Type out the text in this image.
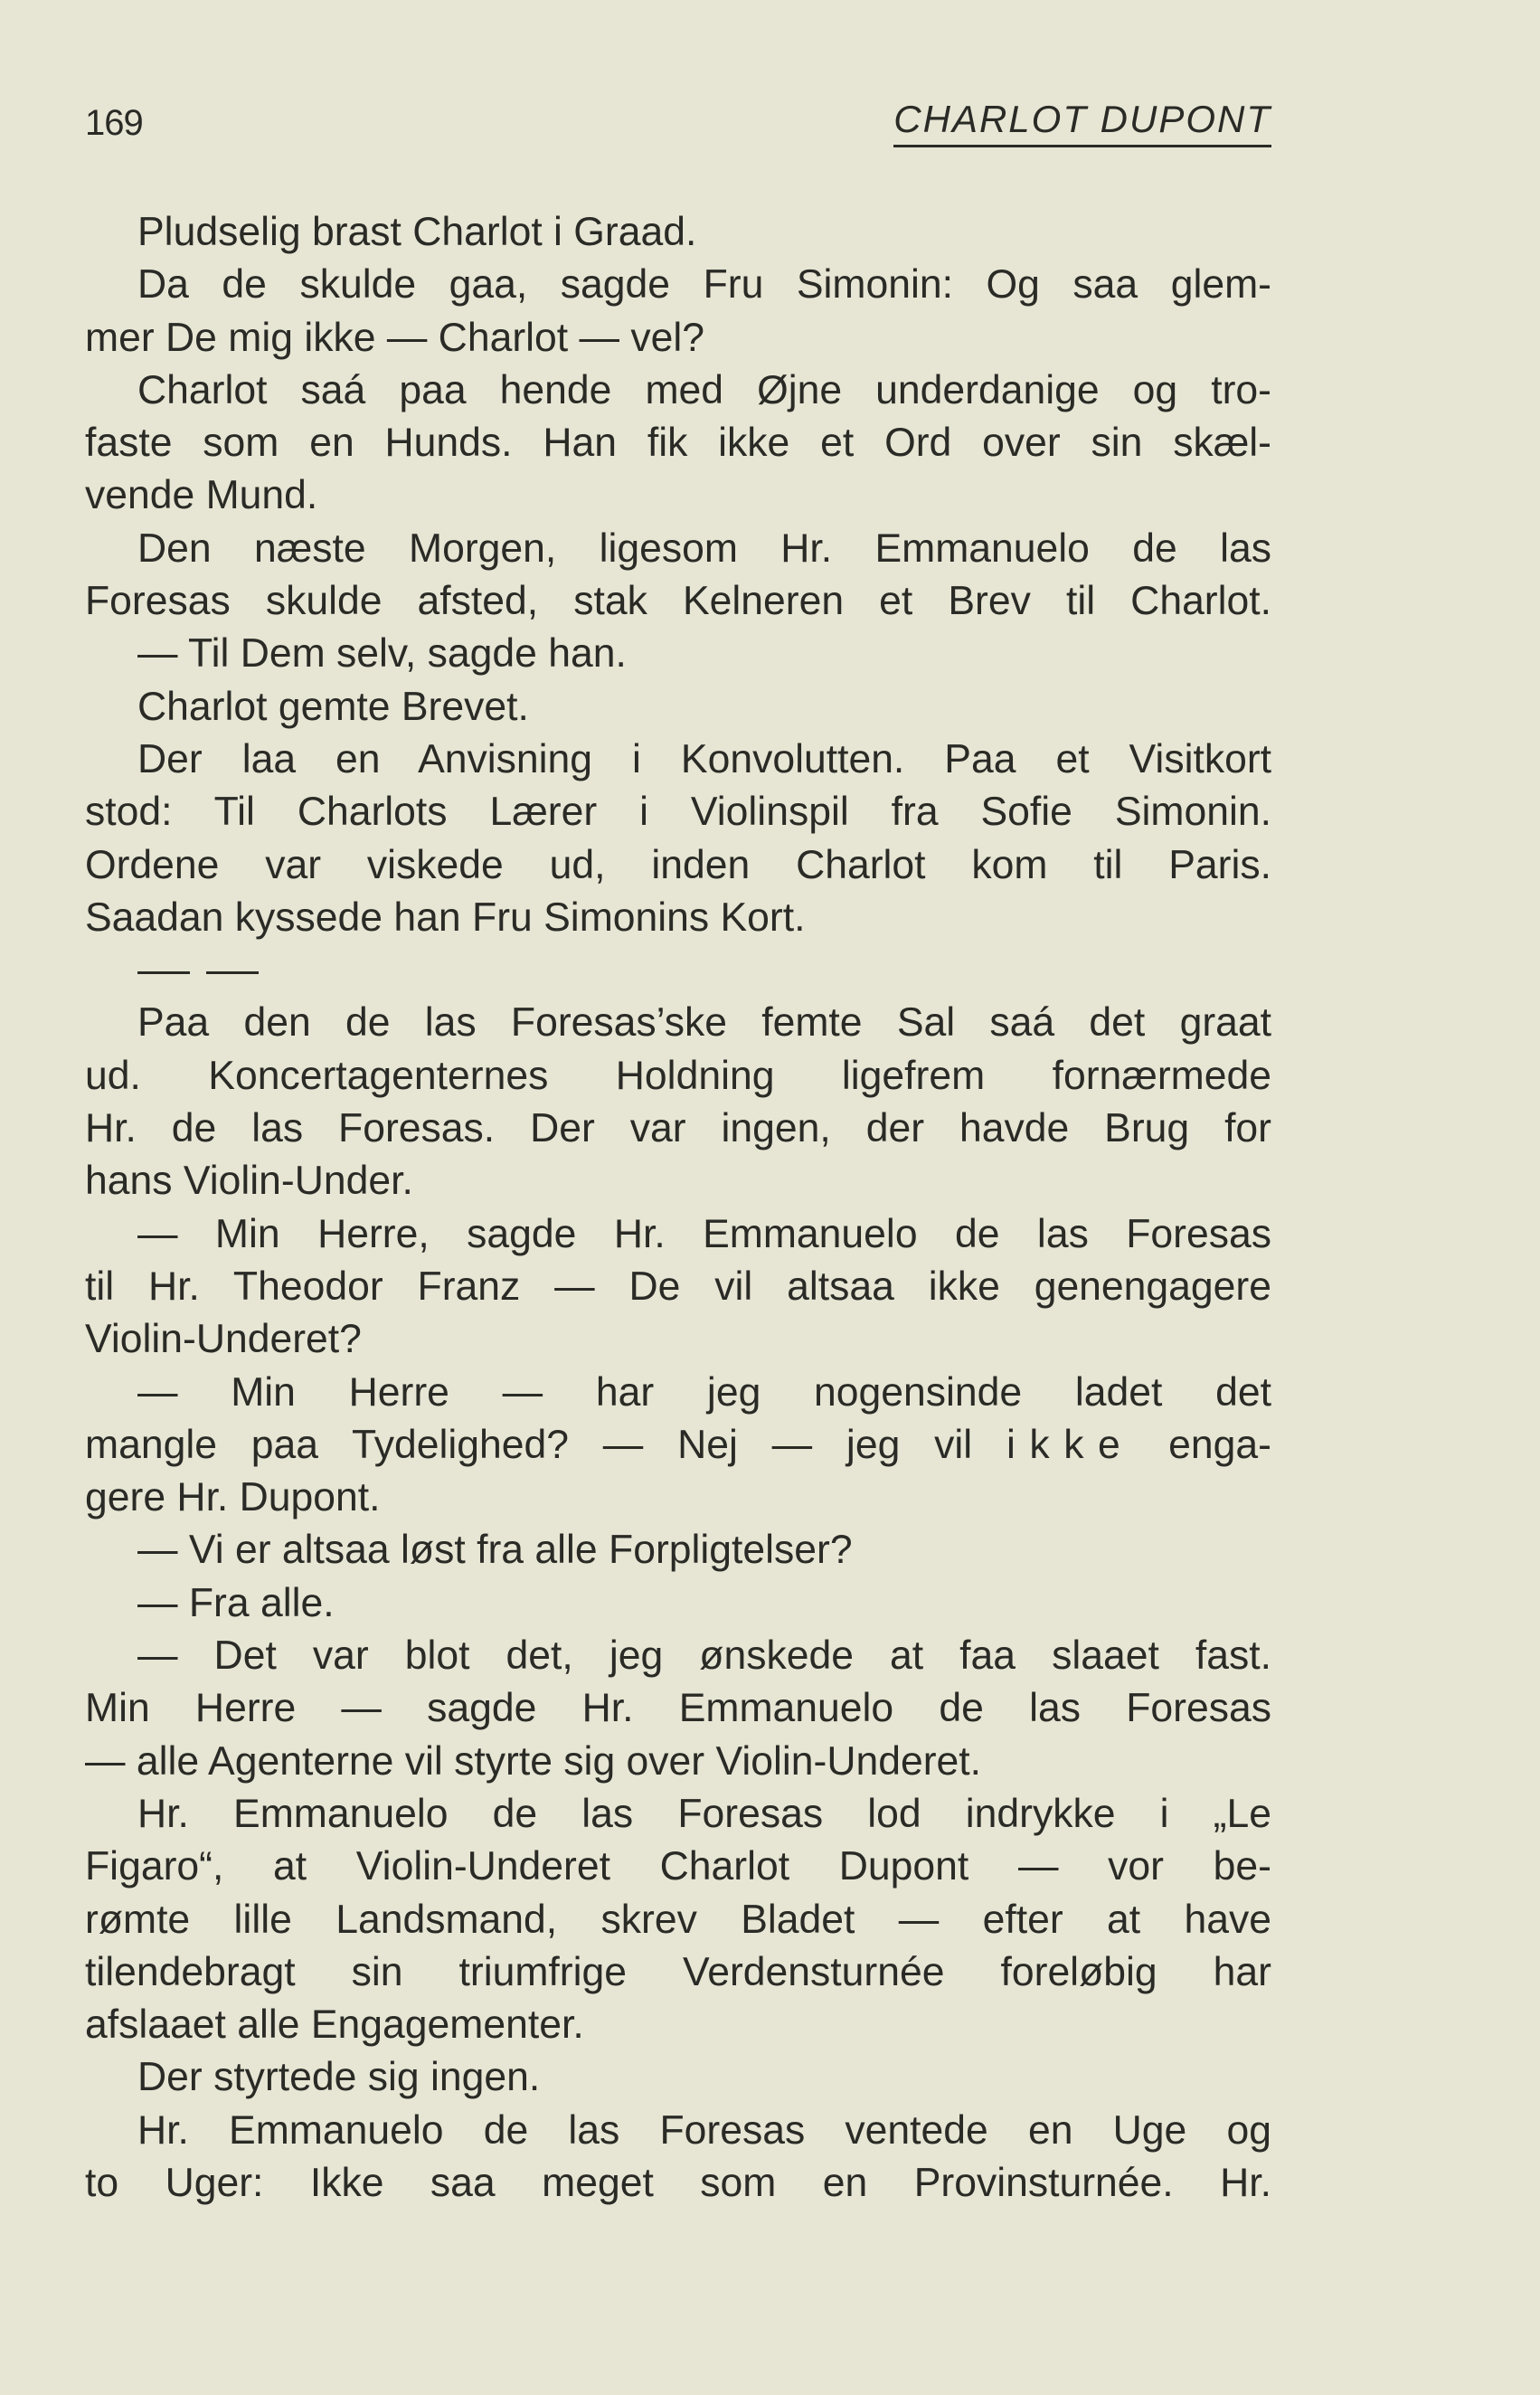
169	CHARLOT DUPONT
Pludselig brast Charlot i Graad.
Da de skulde gaa, sagde Fru Simonin: Og saa glem-
mer De mig ikke — Charlot — vel?
Charlot saá paa hende med Øjne underdanige og tro-
faste som en Hunds. Han fik ikke et Ord over sin skæl-
vende Mund.
Den næste Morgen, ligesom Hr. Emmanuelo de las
Foresas skulde afsted, stak Kelneren et Brev til Charlot.
— Til Dem selv, sagde han.
Charlot gemte Brevet.
Der laa en Anvisning i Konvolutten. Paa et Visitkort
stod: Til Charlots Lærer i Violinspil fra Sofie Simonin.
Ordene var viskede ud, inden Charlot kom til Paris.
Saadan kyssede han Fru Simonins Kort.
Paa den de las Foresas’ske femte Sal saá det graat
ud. Koncertagenternes Holdning ligefrem fornærmede
Hr. de las Foresas. Der var ingen, der havde Brug for
hans Violin-Under.
— Min Herre, sagde Hr. Emmanuelo de las Foresas
til Hr. Theodor Franz — De vil altsaa ikke genengagere
Violin-Underet?
— Min Herre — har jeg nogensinde ladet det
mangle paa Tydelighed? — Nej — jeg vil ikke enga-
gere Hr. Dupont.
— Vi er altsaa løst fra alle Forpligtelser?
— Fra alle.
— Det var blot det, jeg ønskede at faa slaaet fast.
Min Herre — sagde Hr. Emmanuelo de las Foresas
— alle Agenterne vil styrte sig over Violin-Underet.
Hr. Emmanuelo de las Foresas lod indrykke i „Le
Figaro“, at Violin-Underet Charlot Dupont — vor be-
rømte lille Landsmand, skrev Bladet — efter at have
tilendebragt sin triumfrige Verdensturnée foreløbig har
afslaaet alle Engagementer.
Der styrtede sig ingen.
Hr. Emmanuelo de las Foresas ventede en Uge og
to Uger: Ikke saa meget som en Provinsturnée. Hr.
